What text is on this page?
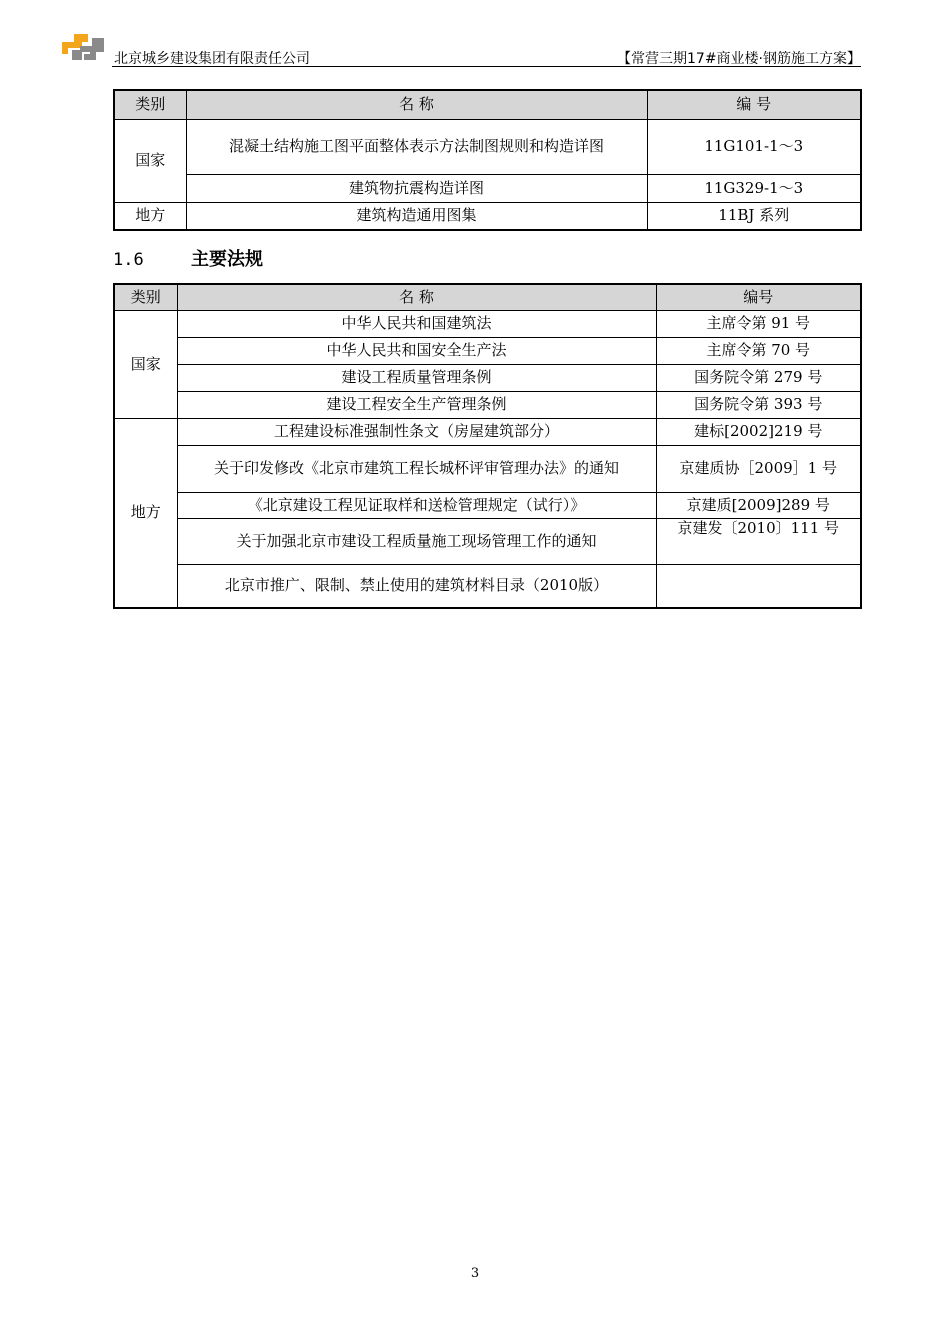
北京城乡建设集团有限责任公司	【常营三期17#商业楼·钢筋施工方案】
类别	名 称	编 号
国家	混凝土结构施工图平面整体表示方法制图规则和构造详图	11G101-1～3
	建筑物抗震构造详图	11G329-1～3
地方	建筑构造通用图集	11BJ 系列
1.6	主要法规
类别	名 称	编号
国家	中华人民共和国建筑法	主席令第 91 号
	中华人民共和国安全生产法	主席令第 70 号
	建设工程质量管理条例	国务院令第 279 号
	建设工程安全生产管理条例	国务院令第 393 号
地方	工程建设标准强制性条文（房屋建筑部分）	建标[2002]219 号
	关于印发修改《北京市建筑工程长城杯评审管理办法》的通知	京建质协［2009］1 号
	《北京建设工程见证取样和送检管理规定（试行）》	京建质[2009]289 号
	关于加强北京市建设工程质量施工现场管理工作的通知	京建发〔2010〕111 号
	北京市推广、限制、禁止使用的建筑材料目录（2010版）	
3
